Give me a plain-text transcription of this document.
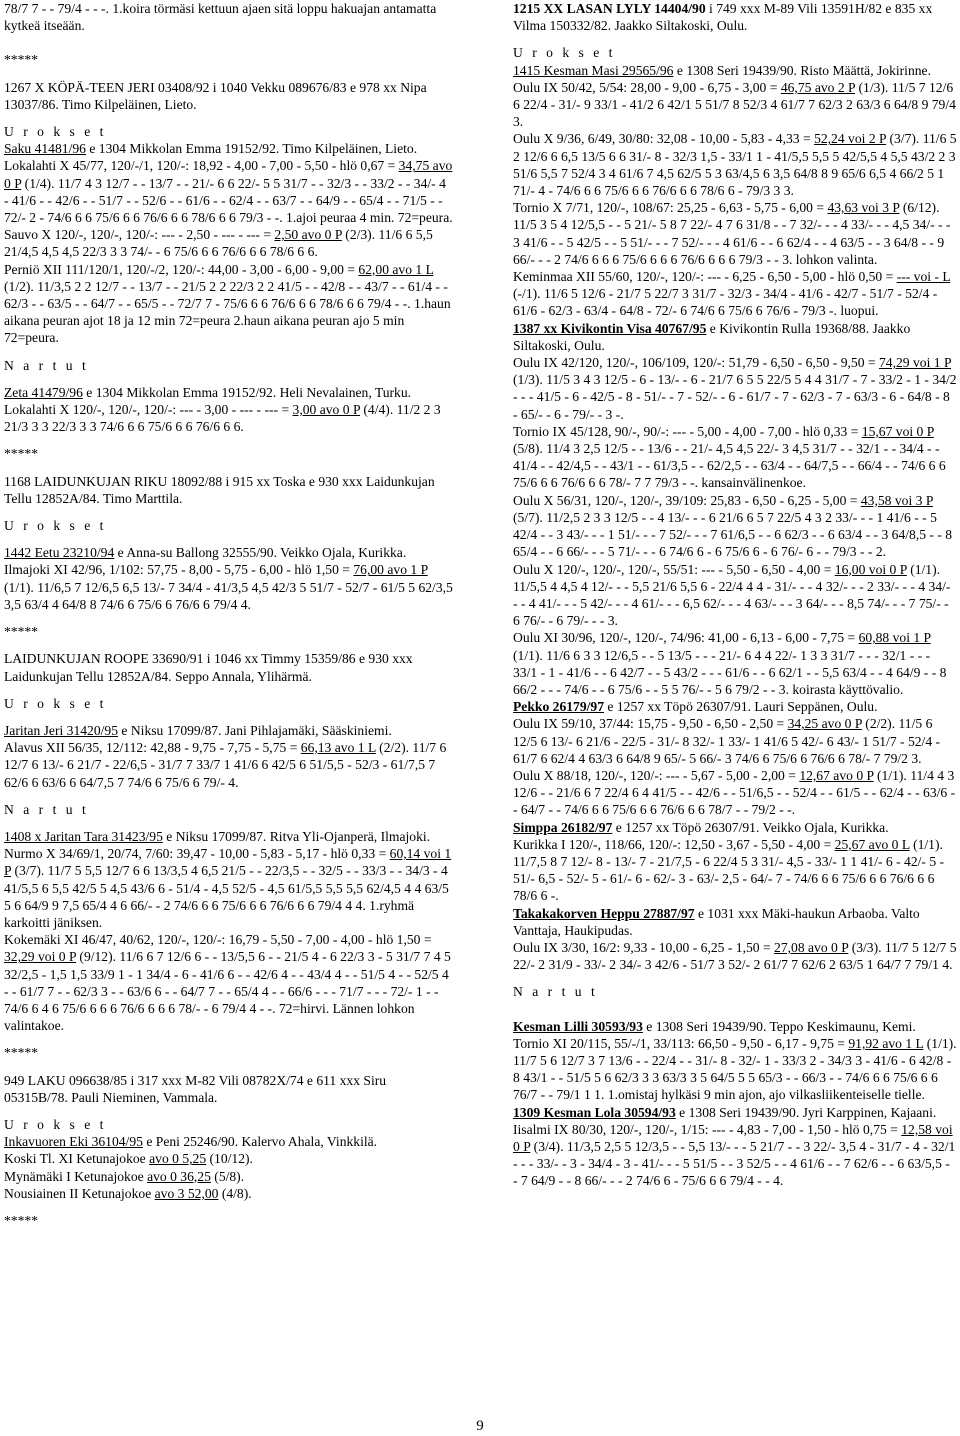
78/7 7 - - 79/4 - - -. 1.koira törmäsi kettuun ajaen sitä loppu hakuajan antamatta kytkeä itseään.

*****

1267 X KÖPÄ-TEEN JERI 03408/92 i 1040 Vekku 089676/83 e 978 xx Nipa 13037/86. Timo Kilpeläinen, Lieto.

U r o k s e t

Saku 41481/96 e 1304 Mikkolan Emma 19152/92. Timo Kilpeläinen, Lieto.

Lokalahti X 45/77, 120/-/1, 120/-: 18,92 - 4,00 - 7,00 - 5,50 - hlö 0,67 = 34,75 avo 0 P (1/4). 11/7 4 3 12/7 - - 13/7 - - 21/- 6 6 22/- 5 5 31/7 - - 32/3 - - 33/2 - - 34/- 4 - 41/6 - - 42/6 - - 51/7 - - 52/6 - - 61/6 - - 62/4 - - 63/7 - - 64/9 - - 65/4 - - 71/5 - - 72/- 2 - 74/6 6 6 75/6 6 6 76/6 6 6 78/6 6 6 79/3 - -. 1.ajoi peuraa 4 min. 72=peura.

Sauvo X 120/-, 120/-, 120/-: --- - 2,50 - --- - --- = 2,50 avo 0 P (2/3). 11/6 6 5,5 21/4,5 4,5 4,5 22/3 3 3 74/- - 6 75/6 6 6 76/6 6 6 78/6 6 6.

Perniö XII 111/120/1, 120/-/2, 120/-: 44,00 - 3,00 - 6,00 - 9,00 = 62,00 avo 1 L (1/2). 11/3,5 2 2 12/7 - - 13/7 - - 21/5 2 2 22/3 2 2 41/5 - - 42/8 - - 43/7 - - 61/4 - - 62/3 - - 63/5 - - 64/7 - - 65/5 - - 72/7 7 - 75/6 6 6 76/6 6 6 78/6 6 6 79/4 - -. 1.haun aikana peuran ajot 18 ja 12 min 72=peura 2.haun aikana peuran ajo 5 min 72=peura.

N a r t u t

Zeta 41479/96 e 1304 Mikkolan Emma 19152/92. Heli Nevalainen, Turku.

Lokalahti X 120/-, 120/-, 120/-: --- - 3,00 - --- - --- = 3,00 avo 0 P (4/4). 11/2 2 3 21/3 3 3 22/3 3 3 74/6 6 6 75/6 6 6 76/6 6 6.

*****

1168 LAIDUNKUJAN RIKU 18092/88 i 915 xx Toska e 930 xxx Laidunkujan Tellu 12852A/84. Timo Marttila.

U r o k s e t

1442 Eetu 23210/94 e Anna-su Ballong 32555/90. Veikko Ojala, Kurikka.

Ilmajoki XI 42/96, 1/102: 57,75 - 8,00 - 5,75 - 6,00 - hlö 1,50 = 76,00 avo 1 P (1/1). 11/6,5 7 12/6,5 6,5 13/- 7 34/4 - 41/3,5 4,5 42/3 5 51/7 - 52/7 - 61/5 5 62/3,5 3,5 63/4 4 64/8 8 74/6 6 75/6 6 76/6 6 79/4 4.

*****

LAIDUNKUJAN ROOPE 33690/91 i 1046 xx Timmy 15359/86 e 930 xxx Laidunkujan Tellu 12852A/84. Seppo Annala, Ylihärmä.

U r o k s e t

Jaritan Jeri 31420/95 e Niksu 17099/87. Jani Pihlajamäki, Sääskiniemi.

Alavus XII 56/35, 12/112: 42,88 - 9,75 - 7,75 - 5,75 = 66,13 avo 1 L (2/2). 11/7 6 12/7 6 13/- 6 21/7 - 22/6,5 - 31/7 7 33/7 1 41/6 6 42/5 6 51/5,5 - 52/3 - 61/7,5 7 62/6 6 63/6 6 64/7,5 7 74/6 6 75/6 6 79/- 4.

N a r t u t

1408 x Jaritan Tara 31423/95 e Niksu 17099/87. Ritva Yli-Ojanperä, Ilmajoki.

Nurmo X 34/69/1, 20/74, 7/60: 39,47 - 10,00 - 5,83 - 5,17 - hlö 0,33 = 60,14 voi 1 P (3/7). 11/7 5 5,5 12/7 6 6 13/3,5 4 6,5 21/5 - - 22/3,5 - - 32/5 - - 33/3 - - 34/3 - 4 41/5,5 6 5,5 42/5 5 4,5 43/6 6 - 51/4 - 4,5 52/5 - 4,5 61/5,5 5,5 5,5 62/4,5 4 4 63/5 5 6 64/9 9 7,5 65/4 4 6 66/- - 2 74/6 6 6 75/6 6 6 76/6 6 6 79/4 4 4. 1.ryhmä karkoitti jäniksen.

Kokemäki XI 46/47, 40/62, 120/-, 120/-: 16,79 - 5,50 - 7,00 - 4,00 - hlö 1,50 = 32,29 voi 0 P (9/12). 11/6 6 7 12/6 6 - - 13/5,5 6 - - 21/5 4 - 6 22/3 3 - 5 31/7 7 4 5 32/2,5 - 1,5 1,5 33/9 1 - 1 34/4 - 6 - 41/6 6 - - 42/6 4 - - 43/4 4 - - 51/5 4 - - 52/5 4 - - 61/7 7 - - 62/3 3 - - 63/6 6 - - 64/7 7 - - 65/4 4 - - 66/6 - - - 71/7 - - - 72/- 1 - - 74/6 6 4 6 75/6 6 6 6 76/6 6 6 6 78/- - 6 79/4 4 - -. 72=hirvi. Lännen lohkon valintakoe.

*****

949 LAKU 096638/85 i 317 xxx M-82 Vili 08782X/74 e 611 xxx Siru 05315B/78. Pauli Nieminen, Vammala.

U r o k s e t

Inkavuoren Eki 36104/95 e Peni 25246/90. Kalervo Ahala, Vinkkilä.

Koski Tl. XI Ketunajokoe avo 0 5,25 (10/12).

Mynämäki I Ketunajokoe avo 0 36,25 (5/8).

Nousiainen II Ketunajokoe avo 3 52,00 (4/8).

*****

1215 XX LASAN LYLY 14404/90 i 749 xxx M-89 Vili 13591H/82 e 835 xx Vilma 150332/82. Jaakko Siltakoski, Oulu.

U r o k s e t

1415 Kesman Masi 29565/96 e 1308 Seri 19439/90. Risto Määttä, Jokirinne.

Oulu IX 50/42, 5/54: 28,00 - 9,00 - 6,75 - 3,00 = 46,75 avo 2 P (1/3). 11/5 7 12/6 6 22/4 - 31/- 9 33/1 - 41/2 6 42/1 5 51/7 8 52/3 4 61/7 7 62/3 2 63/3 6 64/8 9 79/4 3.

Oulu X 9/36, 6/49, 30/80: 32,08 - 10,00 - 5,83 - 4,33 = 52,24 voi 2 P (3/7). 11/6 5 2 12/6 6 6,5 13/5 6 6 31/- 8 - 32/3 1,5 - 33/1 1 - 41/5,5 5,5 5 42/5,5 4 5,5 43/2 2 3 51/6 5,5 7 52/4 3 4 61/6 7 4,5 62/5 5 3 63/4,5 6 3,5 64/8 8 9 65/6 6,5 4 66/2 5 1 71/- 4 - 74/6 6 6 75/6 6 6 76/6 6 6 78/6 6 - 79/3 3 3.

Tornio X 7/71, 120/-, 108/67: 25,25 - 6,63 - 5,75 - 6,00 = 43,63 voi 3 P (6/12). 11/5 3 5 4 12/5,5 - - 5 21/- 5 8 7 22/- 4 7 6 31/8 - - 7 32/- - - 4 33/- - - 4,5 34/- - - 3 41/6 - - 5 42/5 - - 5 51/- - - 7 52/- - - 4 61/6 - - 6 62/4 - - 4 63/5 - - 3 64/8 - - 9 66/- - - 2 74/6 6 6 6 75/6 6 6 6 76/6 6 6 6 79/3 - - 3. lohkon valinta.

Keminmaa XII 55/60, 120/-, 120/-: --- - 6,25 - 6,50 - 5,00 - hlö 0,50 = --- voi - L (-/1). 11/6 5 12/6 - 21/7 5 22/7 3 31/7 - 32/3 - 34/4 - 41/6 - 42/7 - 51/7 - 52/4 - 61/6 - 62/3 - 63/4 - 64/8 - 72/- 6 74/6 6 75/6 6 76/6 - 79/3 -. luopui.

1387 xx Kivikontin Visa 40767/95 e Kivikontin Rulla 19368/88. Jaakko Siltakoski, Oulu.

Oulu IX 42/120, 120/-, 106/109, 120/-: 51,79 - 6,50 - 6,50 - 9,50 = 74,29 voi 1 P (1/3). 11/5 3 4 3 12/5 - 6 - 13/- - 6 - 21/7 6 5 5 22/5 5 4 4 31/7 - 7 - 33/2 - 1 - 34/2 - - - 41/5 - 6 - 42/5 - 8 - 51/- - 7 - 52/- - 6 - 61/7 - 7 - 62/3 - 7 - 63/3 - 6 - 64/8 - 8 - 65/- - 6 - 79/- - 3 -.

Tornio IX 45/128, 90/-, 90/-: --- - 5,00 - 4,00 - 7,00 - hlö 0,33 = 15,67 voi 0 P (5/8). 11/4 3 2,5 12/5 - - 13/6 - - 21/- 4,5 4,5 22/- 3 4,5 31/7 - - 32/1 - - 34/4 - - 41/4 - - 42/4,5 - - 43/1 - - 61/3,5 - - 62/2,5 - - 63/4 - - 64/7,5 - - 66/4 - - 74/6 6 6 75/6 6 6 76/6 6 6 78/- 7 7 79/3 - -. kansainvälinenkoe.

Oulu X 56/31, 120/-, 120/-, 39/109: 25,83 - 6,50 - 6,25 - 5,00 = 43,58 voi 3 P (5/7). 11/2,5 2 3 3 12/5 - - 4 13/- - - 6 21/6 6 5 7 22/5 4 3 2 33/- - - 1 41/6 - - 5 42/4 - - 3 43/- - - 1 51/- - - 7 52/- - - 7 61/6,5 - - 6 62/3 - - 6 63/4 - - 3 64/8,5 - - 8 65/4 - - 6 66/- - - 5 71/- - - 6 74/6 6 - 6 75/6 6 - 6 76/- 6 - - 79/3 - - 2.

Oulu X 120/-, 120/-, 120/-, 55/51: --- - 5,50 - 6,50 - 4,00 = 16,00 voi 0 P (1/1). 11/5,5 4 4,5 4 12/- - - 5,5 21/6 5,5 6 - 22/4 4 4 - 31/- - - 4 32/- - - 2 33/- - - 4 34/- - - 4 41/- - - 5 42/- - - 4 61/- - - 6,5 62/- - - 4 63/- - - 3 64/- - - 8,5 74/- - - 7 75/- - 6 76/- - 6 79/- - - 3.

Oulu XI 30/96, 120/-, 120/-, 74/96: 41,00 - 6,13 - 6,00 - 7,75 = 60,88 voi 1 P (1/1). 11/6 6 3 3 12/6,5 - - 5 13/5 - - - 21/- 6 4 4 22/- 1 3 3 31/7 - - - 32/1 - - - 33/1 - 1 - 41/6 - - 6 42/7 - - 5 43/2 - - - 61/6 - - 6 62/1 - - 5,5 63/4 - - 4 64/9 - - 8 66/2 - - - 74/6 - - 6 75/6 - - 5 5 76/- - 5 6 79/2 - - 3. koirasta käyttövalio.

Pekko 26179/97 e 1257 xx Töpö 26307/91. Lauri Seppänen, Oulu.

Oulu IX 59/10, 37/44: 15,75 - 9,50 - 6,50 - 2,50 = 34,25 avo 0 P (2/2). 11/5 6 12/5 6 13/- 6 21/6 - 22/5 - 31/- 8 32/- 1 33/- 1 41/6 5 42/- 6 43/- 1 51/7 - 52/4 - 61/7 6 62/4 4 63/3 6 64/8 9 65/- 5 66/- 3 74/6 6 75/6 6 76/6 6 78/- 7 79/2 3.

Oulu X 88/18, 120/-, 120/-: --- - 5,67 - 5,00 - 2,00 = 12,67 avo 0 P (1/1). 11/4 4 3 12/6 - - 21/6 6 7 22/4 6 4 41/5 - - 42/6 - - 51/6,5 - - 52/4 - - 61/5 - - 62/4 - - 63/6 - - 64/7 - - 74/6 6 6 75/6 6 6 76/6 6 6 78/7 - - 79/2 - -.

Simppa 26182/97 e 1257 xx Töpö 26307/91. Veikko Ojala, Kurikka.

Kurikka I 120/-, 118/66, 120/-: 12,50 - 3,67 - 5,50 - 4,00 = 25,67 avo 0 L (1/1). 11/7,5 8 7 12/- 8 - 13/- 7 - 21/7,5 - 6 22/4 5 3 31/- 4,5 - 33/- 1 1 41/- 6 - 42/- 5 - 51/- 6,5 - 52/- 5 - 61/- 6 - 62/- 3 - 63/- 2,5 - 64/- 7 - 74/6 6 6 75/6 6 6 76/6 6 6 78/6 6 -.

Takakakorven Heppu 27887/97 e 1031 xxx Mäki-haukun Arbaoba. Valto Vanttaja, Haukipudas.

Oulu IX 3/30, 16/2: 9,33 - 10,00 - 6,25 - 1,50 = 27,08 avo 0 P (3/3). 11/7 5 12/7 5 22/- 2 31/9 - 33/- 2 34/- 3 42/6 - 51/7 3 52/- 2 61/7 7 62/6 2 63/5 1 64/7 7 79/1 4.

N a r t u t

Kesman Lilli 30593/93 e 1308 Seri 19439/90. Teppo Keskimaunu, Kemi.

Tornio XI 20/115, 55/-/1, 33/113: 66,50 - 9,50 - 6,17 - 9,75 = 91,92 avo 1 L (1/1). 11/7 5 6 12/7 3 7 13/6 - - 22/4 - - 31/- 8 - 32/- 1 - 33/3 2 - 34/3 3 - 41/6 - 6 42/8 - 8 43/1 - - 51/5 5 6 62/3 3 3 63/3 3 5 64/5 5 5 65/3 - - 66/3 - - 74/6 6 6 75/6 6 6 76/7 - - 79/1 1 1. 1.omistaj hylkäsi 9 min ajon, ajo vilkasliikenteiselle tielle.

1309 Kesman Lola 30594/93 e 1308 Seri 19439/90. Jyri Karppinen, Kajaani.

Iisalmi IX 80/30, 120/-, 120/-, 1/15: --- - 4,83 - 7,00 - 1,50 - hlö 0,75 = 12,58 voi 0 P (3/4). 11/3,5 2,5 5 12/3,5 - - 5,5 13/- - - 5 21/7 - - 3 22/- 3,5 4 - 31/7 - 4 - 32/1 - - - 33/- - 3 - 34/4 - 3 - 41/- - - 5 51/5 - - 3 52/5 - - 4 61/6 - - 7 62/6 - - 6 63/5,5 - - 7 64/9 - - 8 66/- - - 2 74/6 6 - 75/6 6 6 79/4 - - 4.

9
